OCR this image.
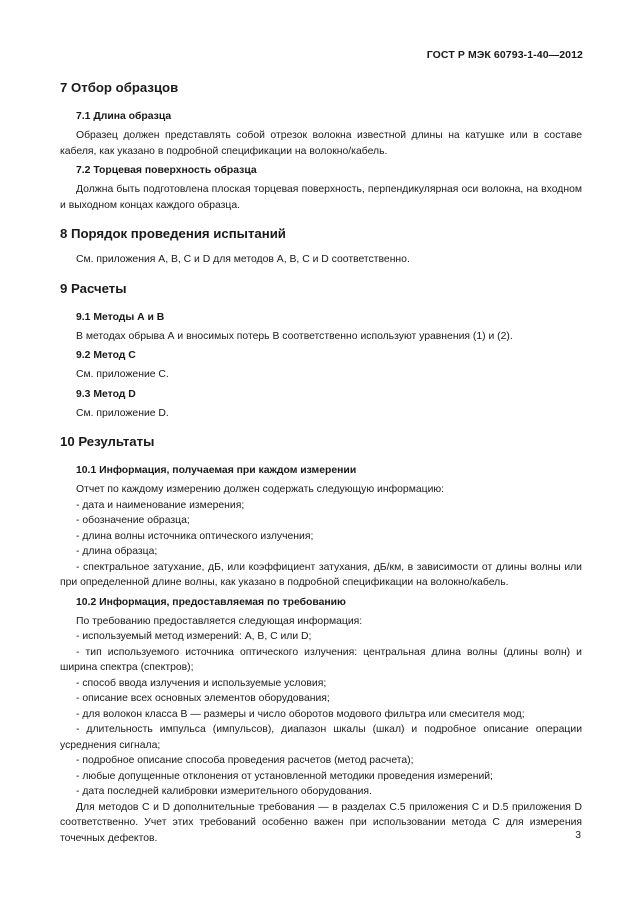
ГОСТ Р МЭК 60793-1-40—2012
7 Отбор образцов
7.1 Длина образца

Образец должен представлять собой отрезок волокна известной длины на катушке или в составе кабеля, как указано в подробной спецификации на волокно/кабель.

7.2 Торцевая поверхность образца

Должна быть подготовлена плоская торцевая поверхность, перпендикулярная оси волокна, на входном и выходном концах каждого образца.

8 Порядок проведения испытаний

См. приложения А, В, С и D для методов А, В, С и D соответственно.

9 Расчеты
9.1 Методы А и В

В методах обрыва А и вносимых потерь В соответственно используют уравнения (1) и (2).

9.2 Метод С

См. приложение С.

9.3 Метод D

См. приложение D.

10 Результаты
10.1 Информация, получаемая при каждом измерении

Отчет по каждому измерению должен содержать следующую информацию:

- дата и наименование измерения;

- обозначение образца;

- длина волны источника оптического излучения;

- длина образца;

- спектральное затухание, дБ, или коэффициент затухания, дБ/км, в зависимости от длины волны или при определенной длине волны, как указано в подробной спецификации на волокно/кабель.

10.2 Информация, предоставляемая по требованию

По требованию предоставляется следующая информация:

- используемый метод измерений: А, В, С или D;

- тип используемого источника оптического излучения: центральная длина волны (длины волн) и ширина спектра (спектров);

- способ ввода излучения и используемые условия;

- описание всех основных элементов оборудования;

- для волокон класса В — размеры и число оборотов модового фильтра или смесителя мод;

- длительность импульса (импульсов), диапазон шкалы (шкал) и подробное описание операции усреднения сигнала;

- подробное описание способа проведения расчетов (метод расчета);

- любые допущенные отклонения от установленной методики проведения измерений;

- дата последней калибровки измерительного оборудования.

Для методов С и D дополнительные требования — в разделах С.5 приложения С и D.5 приложения D соответственно. Учет этих требований особенно важен при использовании метода С для измерения точечных дефектов.	3
